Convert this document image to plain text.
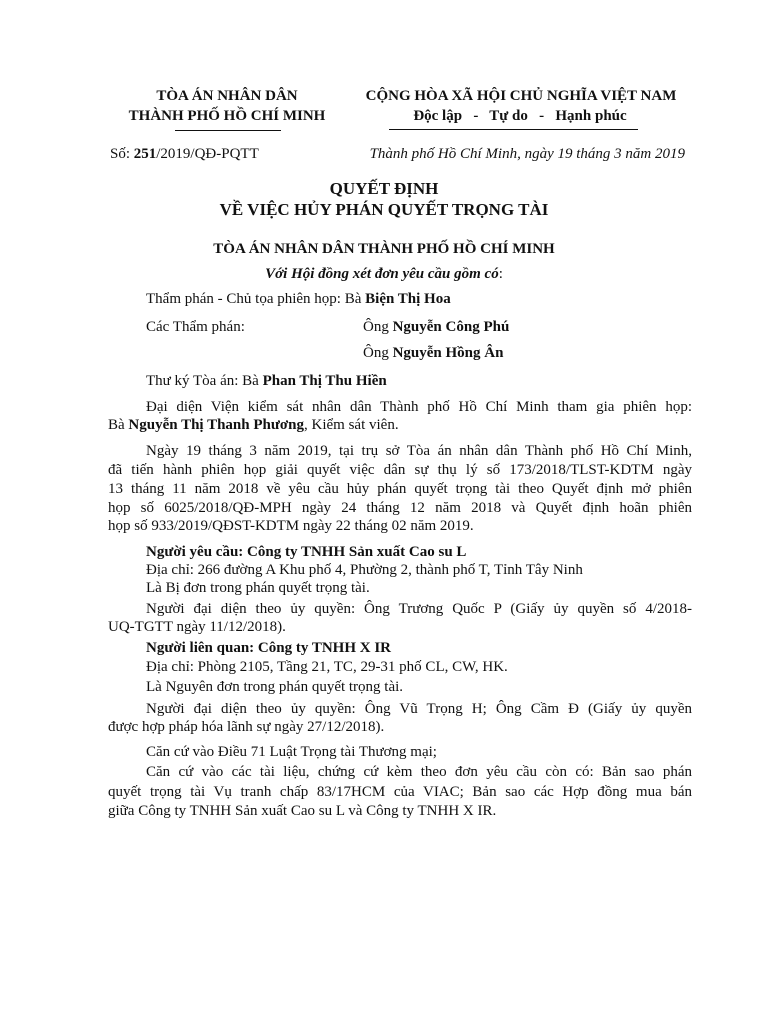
TÒA ÁN NHÂN DÂN
THÀNH PHỐ HỒ CHÍ MINH
CỘNG HÒA XÃ HỘI CHỦ NGHĨA VIỆT NAM
Độc lập   -   Tự do   -   Hạnh phúc
Số: 251/2019/QĐ-PQTT	Thành phố Hồ Chí Minh, ngày 19 tháng 3 năm 2019
QUYẾT ĐỊNH
VỀ VIỆC HỦY PHÁN QUYẾT TRỌNG TÀI
TÒA ÁN NHÂN DÂN THÀNH PHỐ HỒ CHÍ MINH
Với Hội đồng xét đơn yêu cầu gồm có:
Thẩm phán - Chủ tọa phiên họp: Bà Biện Thị Hoa
Các Thẩm phán:	Ông Nguyễn Công Phú
Ông Nguyễn Hồng Ân
Thư ký Tòa án: Bà Phan Thị Thu Hiền
Đại diện Viện kiểm sát nhân dân Thành phố Hồ Chí Minh tham gia phiên họp:
Bà Nguyễn Thị Thanh Phương, Kiểm sát viên.
Ngày 19 tháng 3 năm 2019, tại trụ sở Tòa án nhân dân Thành phố Hồ Chí Minh,
đã tiến hành phiên họp giải quyết việc dân sự thụ lý số 173/2018/TLST-KDTM ngày
13 tháng 11 năm 2018 về yêu cầu hủy phán quyết trọng tài theo Quyết định mở phiên
họp số 6025/2018/QĐ-MPH ngày 24 tháng 12 năm 2018 và Quyết định hoãn phiên
họp số 933/2019/QĐST-KDTM ngày 22 tháng 02 năm 2019.
Người yêu cầu: Công ty TNHH Sản xuất Cao su L
Địa chỉ: 266 đường A Khu phố 4, Phường 2, thành phố T, Tỉnh Tây Ninh
Là Bị đơn trong phán quyết trọng tài.
Người đại diện theo ủy quyền: Ông Trương Quốc P (Giấy ủy quyền số 4/2018-
UQ-TGTT ngày 11/12/2018).
Người liên quan: Công ty TNHH X IR
Địa chỉ: Phòng 2105, Tầng 21, TC, 29-31 phố CL, CW, HK.
Là Nguyên đơn trong phán quyết trọng tài.
Người đại diện theo ủy quyền: Ông Vũ Trọng H; Ông Cầm Đ (Giấy ủy quyền
được hợp pháp hóa lãnh sự ngày 27/12/2018).
Căn cứ vào Điều 71 Luật Trọng tài Thương mại;
Căn cứ vào các tài liệu, chứng cứ kèm theo đơn yêu cầu còn có: Bản sao phán
quyết trọng tài Vụ tranh chấp 83/17HCM của VIAC; Bản sao các Hợp đồng mua bán
giữa Công ty TNHH Sản xuất Cao su L và Công ty TNHH X IR.
